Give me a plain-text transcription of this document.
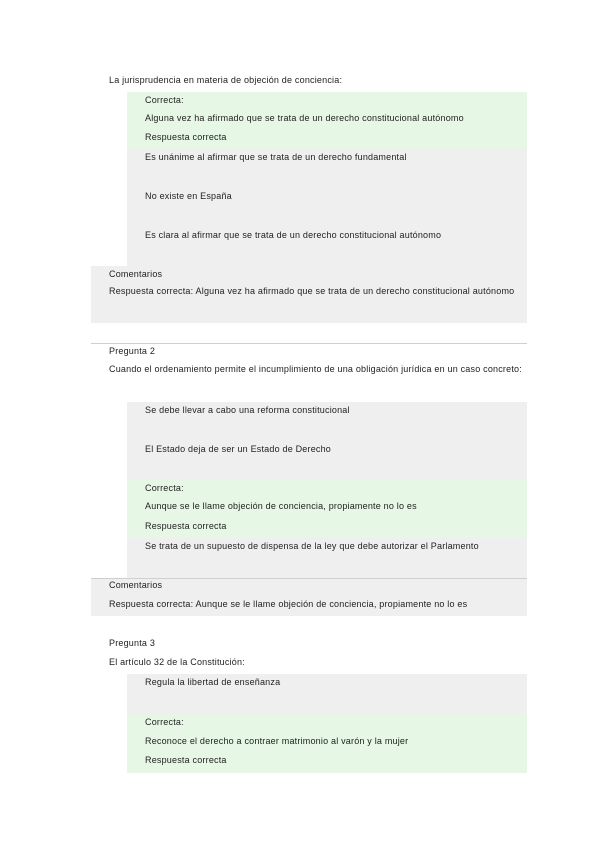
La jurisprudencia en materia de objeción de conciencia:
Correcta:
Alguna vez ha afirmado que se trata de un derecho constitucional autónomo
Respuesta correcta
Es unánime al afirmar que se trata de un derecho fundamental
No existe en España
Es clara al afirmar que se trata de un derecho constitucional autónomo
Comentarios
Respuesta correcta: Alguna vez ha afirmado que se trata de un derecho constitucional autónomo
Pregunta 2
Cuando el ordenamiento permite el incumplimiento de una obligación jurídica en un caso concreto:
Se debe llevar a cabo una reforma constitucional
El Estado deja de ser un Estado de Derecho
Correcta:
Aunque se le llame objeción de conciencia, propiamente no lo es
Respuesta correcta
Se trata de un supuesto de dispensa de la ley que debe autorizar el Parlamento
Comentarios
Respuesta correcta: Aunque se le llame objeción de conciencia, propiamente no lo es
Pregunta 3
El artículo 32 de la Constitución:
Regula la libertad de enseñanza
Correcta:
Reconoce el derecho a contraer matrimonio al varón y la mujer
Respuesta correcta
